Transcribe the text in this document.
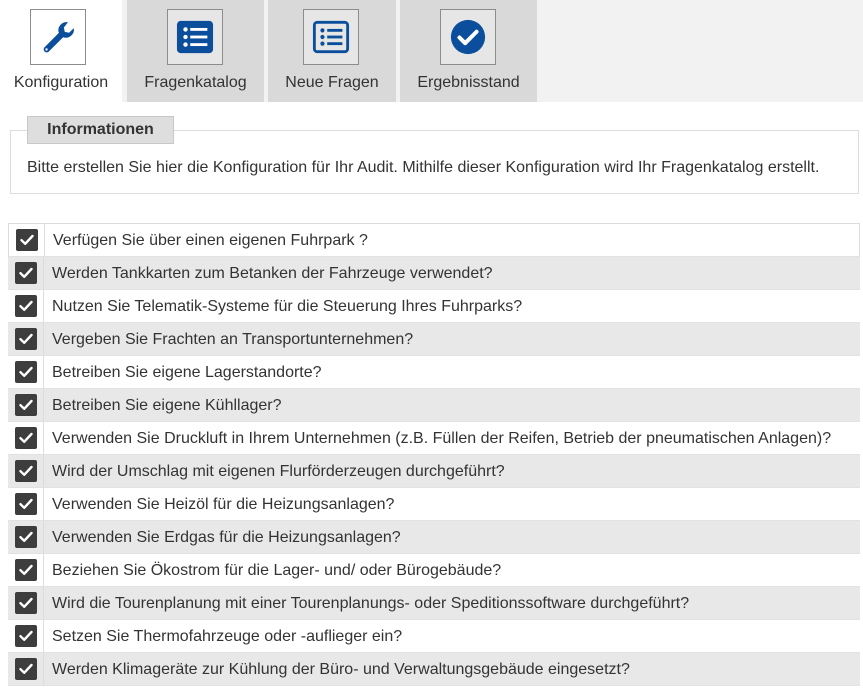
Konfiguration	Fragenkatalog	Neue Fragen	Ergebnisstand
Informationen
Bitte erstellen Sie hier die Konfiguration für Ihr Audit. Mithilfe dieser Konfiguration wird Ihr Fragenkatalog erstellt.
Verfügen Sie über einen eigenen Fuhrpark ?
Werden Tankkarten zum Betanken der Fahrzeuge verwendet?
Nutzen Sie Telematik-Systeme für die Steuerung Ihres Fuhrparks?
Vergeben Sie Frachten an Transportunternehmen?
Betreiben Sie eigene Lagerstandorte?
Betreiben Sie eigene Kühllager?
Verwenden Sie Druckluft in Ihrem Unternehmen (z.B. Füllen der Reifen, Betrieb der pneumatischen Anlagen)?
Wird der Umschlag mit eigenen Flurförderzeugen durchgeführt?
Verwenden Sie Heizöl für die Heizungsanlagen?
Verwenden Sie Erdgas für die Heizungsanlagen?
Beziehen Sie Ökostrom für die Lager- und/ oder Bürogebäude?
Wird die Tourenplanung mit einer Tourenplanungs- oder Speditionssoftware durchgeführt?
Setzen Sie Thermofahrzeuge oder -auflieger ein?
Werden Klimageräte zur Kühlung der Büro- und Verwaltungsgebäude eingesetzt?
